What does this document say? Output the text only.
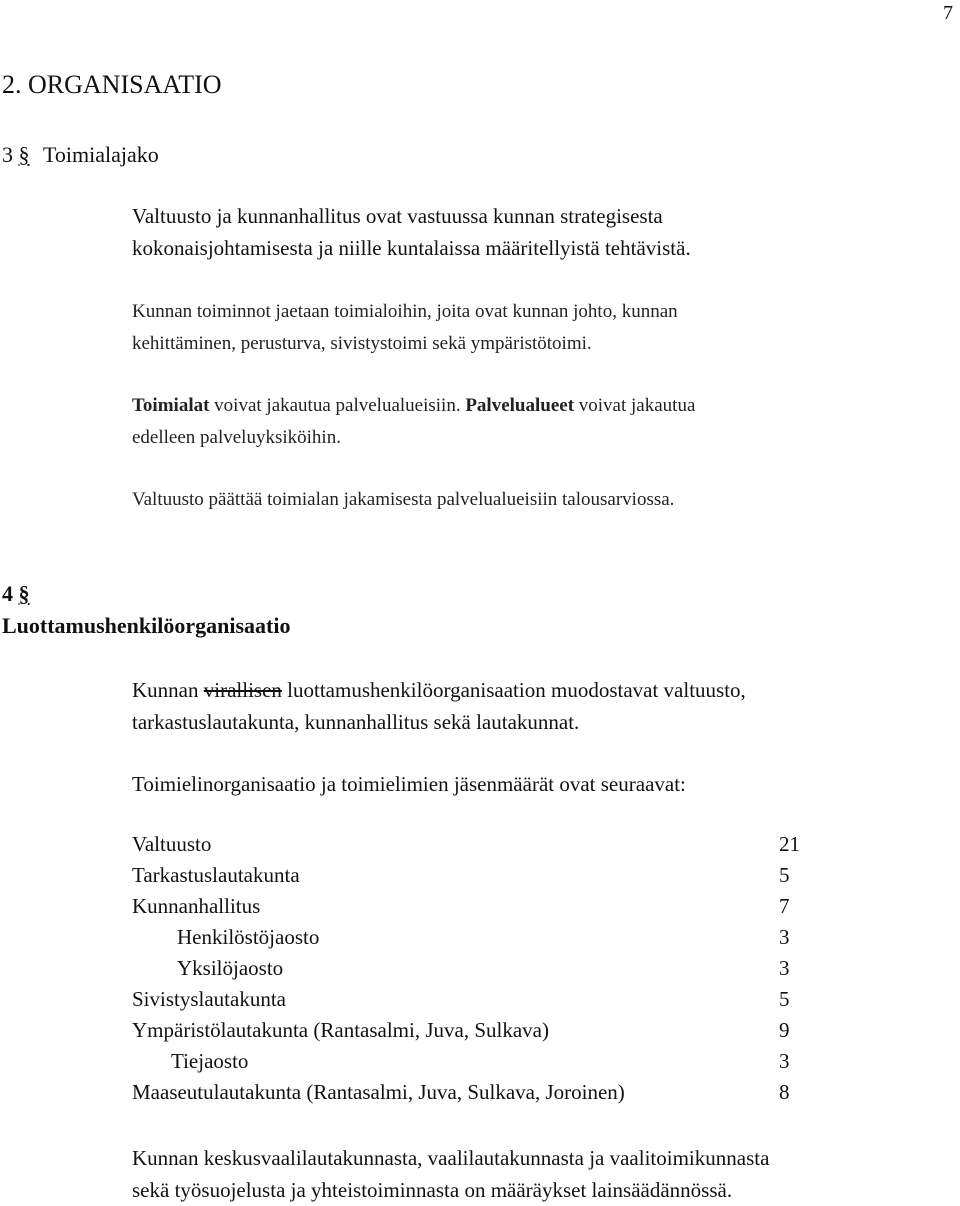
7
2. ORGANISAATIO
3 § Toimialajako
Valtuusto ja kunnanhallitus ovat vastuussa kunnan strategisesta
kokonaisjohtamisesta ja niille kuntalaissa määritellyistä tehtävistä.
Kunnan toiminnot jaetaan toimialoihin, joita ovat kunnan johto, kunnan
kehittäminen, perusturva, sivistystoimi sekä ympäristötoimi.
Toimialat voivat jakautua palvelualueisiin. Palvelualueet voivat jakautua
edelleen palveluyksiköihin.
Valtuusto päättää toimialan jakamisesta palvelualueisiin talousarviossa.
4 §
Luottamushenkilöorganisaatio
Kunnan virallisen luottamushenkilöorganisaation muodostavat valtuusto,
tarkastuslautakunta, kunnanhallitus sekä lautakunnat.
Toimielinorganisaatio ja toimielimien jäsenmäärät ovat seuraavat:
Valtuusto	21
Tarkastuslautakunta	5
Kunnanhallitus	7
Henkilöstöjaosto	3
Yksilöjaosto	3
Sivistyslautakunta	5
Ympäristölautakunta (Rantasalmi, Juva, Sulkava)	9
Tiejaosto	3
Maaseutulautakunta (Rantasalmi, Juva, Sulkava, Joroinen)	8
Kunnan keskusvaalilautakunnasta, vaalilautakunnasta ja vaalitoimikunnasta
sekä työsuojelusta ja yhteistoiminnasta on määräykset lainsäädännössä.
